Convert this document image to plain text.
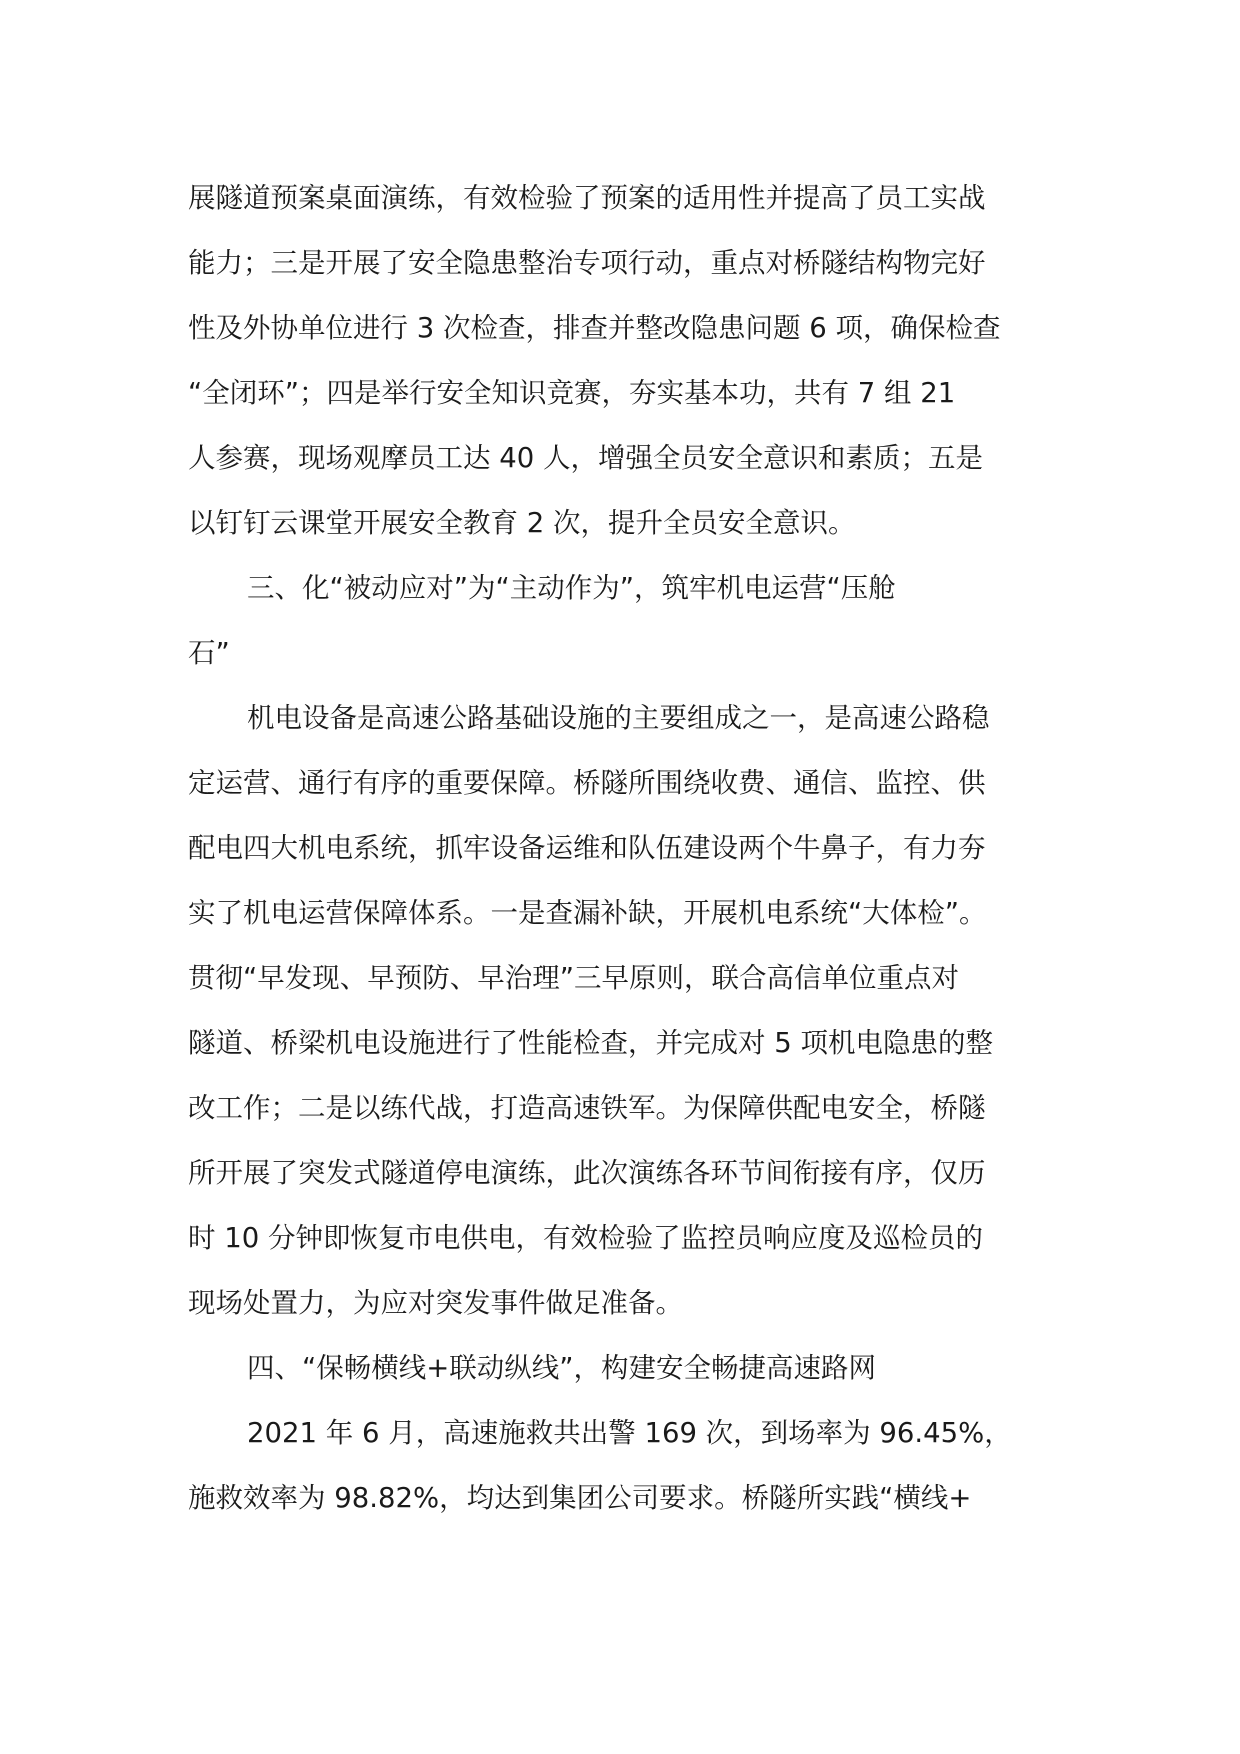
展隧道预案桌面演练，有效检验了预案的适用性并提高了员工实战
能力；三是开展了安全隐患整治专项行动，重点对桥隧结构物完好
性及外协单位进行 3 次检查，排查并整改隐患问题 6 项，确保检查
“全闭环”；四是举行安全知识竞赛，夯实基本功，共有 7 组 21
人参赛，现场观摩员工达 40 人，增强全员安全意识和素质；五是
以钉钉云课堂开展安全教育 2 次，提升全员安全意识。
三、化“被动应对”为“主动作为”，筑牢机电运营“压舱
石”
机电设备是高速公路基础设施的主要组成之一，是高速公路稳
定运营、通行有序的重要保障。桥隧所围绕收费、通信、监控、供
配电四大机电系统，抓牢设备运维和队伍建设两个牛鼻子，有力夯
实了机电运营保障体系。一是查漏补缺，开展机电系统“大体检”。
贯彻“早发现、早预防、早治理”三早原则，联合高信单位重点对
隧道、桥梁机电设施进行了性能检查，并完成对 5 项机电隐患的整
改工作；二是以练代战，打造高速铁军。为保障供配电安全，桥隧
所开展了突发式隧道停电演练，此次演练各环节间衔接有序，仅历
时 10 分钟即恢复市电供电，有效检验了监控员响应度及巡检员的
现场处置力，为应对突发事件做足准备。
四、“保畅横线+联动纵线”，构建安全畅捷高速路网
2021 年 6 月，高速施救共出警 169 次，到场率为 96.45%，
施救效率为 98.82%，均达到集团公司要求。桥隧所实践“横线+
